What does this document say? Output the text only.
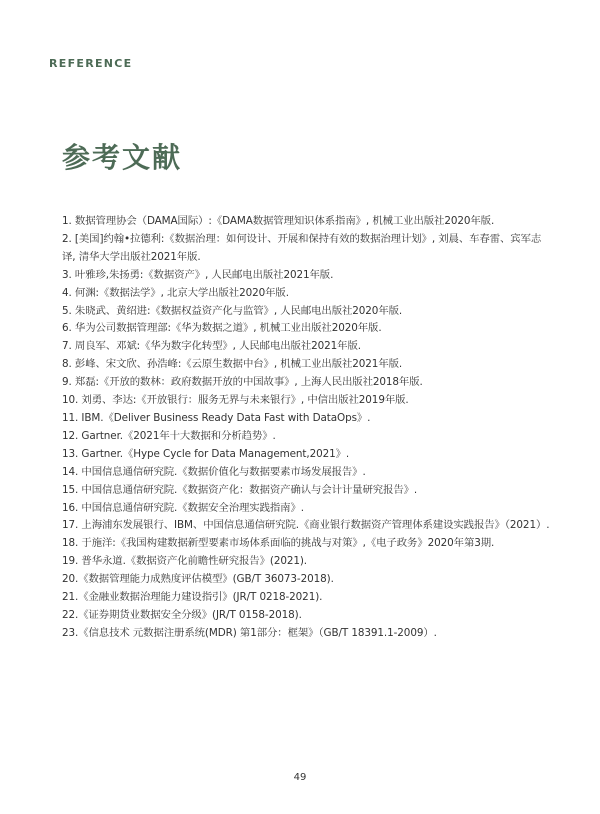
REFERENCE
参考文献
1. 数据管理协会（DAMA国际）:《DAMA数据管理知识体系指南》, 机械工业出版社2020年版.
2. [美国]约翰•拉德利:《数据治理：如何设计、开展和保持有效的数据治理计划》, 刘晨、车春雷、宾军志译, 清华大学出版社2021年版.
3. 叶雅珍,朱扬勇:《数据资产》, 人民邮电出版社2021年版.
4. 何渊:《数据法学》, 北京大学出版社2020年版.
5. 朱晓武、黄绍进:《数据权益资产化与监管》, 人民邮电出版社2020年版.
6. 华为公司数据管理部:《华为数据之道》, 机械工业出版社2020年版.
7. 周良军、邓斌:《华为数字化转型》, 人民邮电出版社2021年版.
8. 彭峰、宋文欣、孙浩峰:《云原生数据中台》, 机械工业出版社2021年版.
9. 郑磊:《开放的数林：政府数据开放的中国故事》, 上海人民出版社2018年版.
10. 刘勇、李达:《开放银行：服务无界与未来银行》, 中信出版社2019年版.
11. IBM.《Deliver Business Ready Data Fast with DataOps》.
12. Gartner.《2021年十大数据和分析趋势》.
13. Gartner.《Hype Cycle for Data Management,2021》.
14. 中国信息通信研究院.《数据价值化与数据要素市场发展报告》.
15. 中国信息通信研究院.《数据资产化：数据资产确认与会计计量研究报告》.
16. 中国信息通信研究院.《数据安全治理实践指南》.
17. 上海浦东发展银行、IBM、中国信息通信研究院.《商业银行数据资产管理体系建设实践报告》（2021）.
18. 于施洋:《我国构建数据新型要素市场体系面临的挑战与对策》,《电子政务》2020年第3期.
19. 普华永道.《数据资产化前瞻性研究报告》(2021).
20.《数据管理能力成熟度评估模型》(GB/T 36073-2018).
21.《金融业数据治理能力建设指引》(JR/T 0218-2021).
22.《证券期货业数据安全分级》(JR/T 0158-2018).
23.《信息技术 元数据注册系统(MDR) 第1部分：框架》（GB/T 18391.1-2009）.
49
